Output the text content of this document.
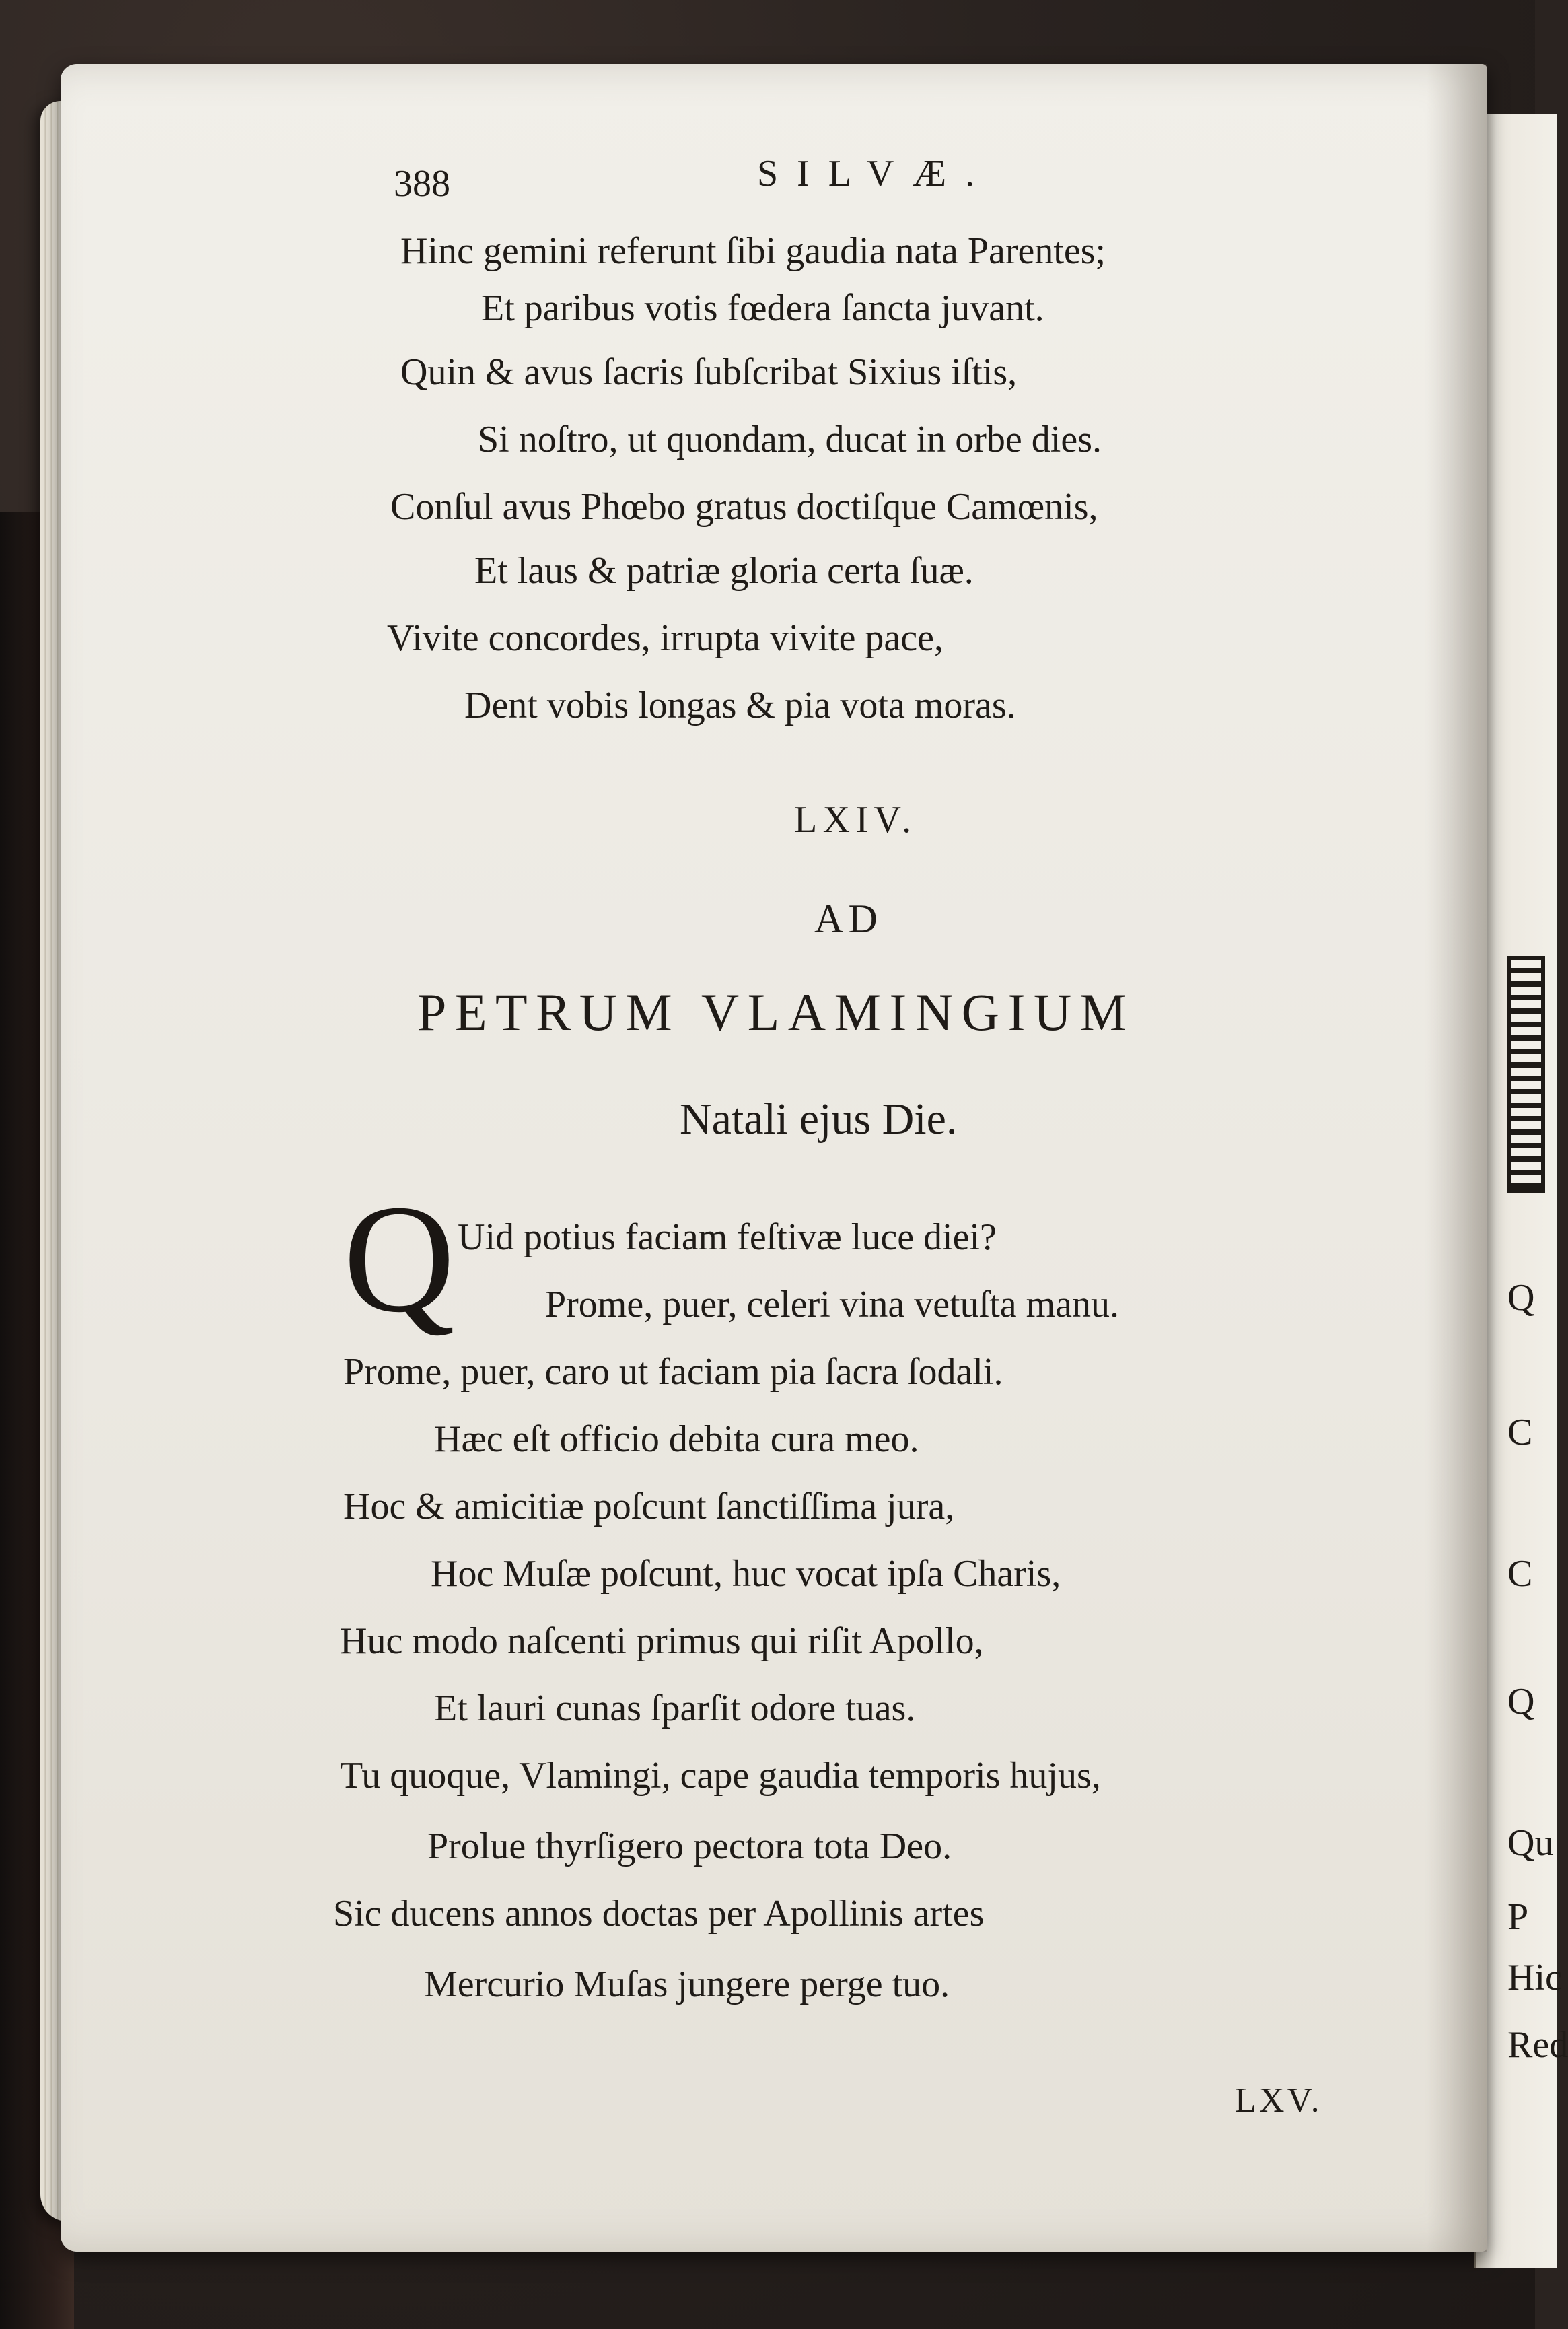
Q
C
C
Q
Qu
P
Hic
Red
388	SILVÆ.
Hinc gemini referunt ſibi gaudia nata Parentes;
Et paribus votis fœdera ſancta juvant.
Quin & avus ſacris ſubſcribat Sixius iſtis,
Si noſtro, ut quondam, ducat in orbe dies.
Conſul avus Phœbo gratus doctiſque Camœnis,
Et laus & patriæ gloria certa ſuæ.
Vivite concordes, irrupta vivite pace,
Dent vobis longas & pia vota moras.
LXIV.
AD
PETRUM VLAMINGIUM
Natali ejus Die.
Q Uid potius faciam feſtivæ luce diei?
Prome, puer, celeri vina vetuſta manu.
Prome, puer, caro ut faciam pia ſacra ſodali.
Hæc eſt officio debita cura meo.
Hoc & amicitiæ poſcunt ſanctiſſima jura,
Hoc Muſæ poſcunt, huc vocat ipſa Charis,
Huc modo naſcenti primus qui riſit Apollo,
Et lauri cunas ſparſit odore tuas.
Tu quoque, Vlamingi, cape gaudia temporis hujus,
Prolue thyrſigero pectora tota Deo.
Sic ducens annos doctas per Apollinis artes
Mercurio Muſas jungere perge tuo.
LXV.
